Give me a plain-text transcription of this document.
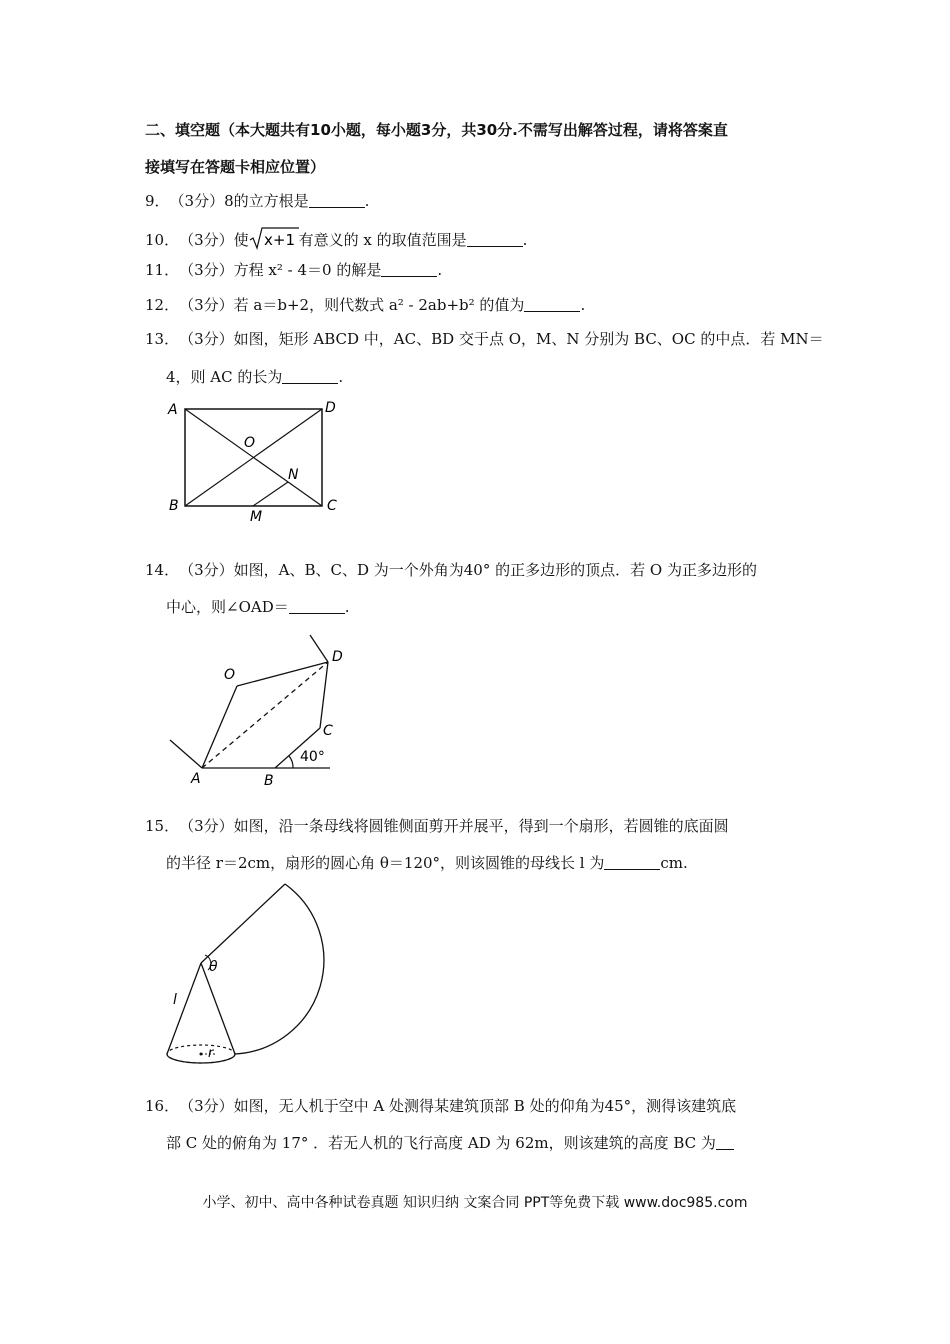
二、填空题（本大题共有10小题，每小题3分，共30分.不需写出解答过程，请将答案直
接填写在答题卡相应位置）
9．（3分）8的立方根是	.
10．（3分）使 x+1 有意义的 x 的取值范围是	.
11．（3分）方程 x² - 4＝0 的解是	.
12．（3分）若 a＝b+2，则代数式 a² - 2ab+b² 的值为	.
13．（3分）如图，矩形 ABCD 中，AC、BD 交于点 O，M、N 分别为 BC、OC 的中点．若 MN＝
4，则 AC 的长为	.
A	D
O
N
B	C
M
14．（3分）如图，A、B、C、D 为一个外角为40° 的正多边形的顶点．若 O 为正多边形的
中心，则∠OAD＝	.
O
D
C
A	B
40°
15．（3分）如图，沿一条母线将圆锥侧面剪开并展平，得到一个扇形，若圆锥的底面圆
的半径 r＝2cm，扇形的圆心角 θ＝120°，则该圆锥的母线长 l 为	cm.
θ
l
r
16．（3分）如图，无人机于空中 A 处测得某建筑顶部 B 处的仰角为45°，测得该建筑底
部 C 处的俯角为 17° ．若无人机的飞行高度 AD 为 62m，则该建筑的高度 BC 为
小学、初中、高中各种试卷真题 知识归纳 文案合同 PPT等免费下载 www.doc985.com
